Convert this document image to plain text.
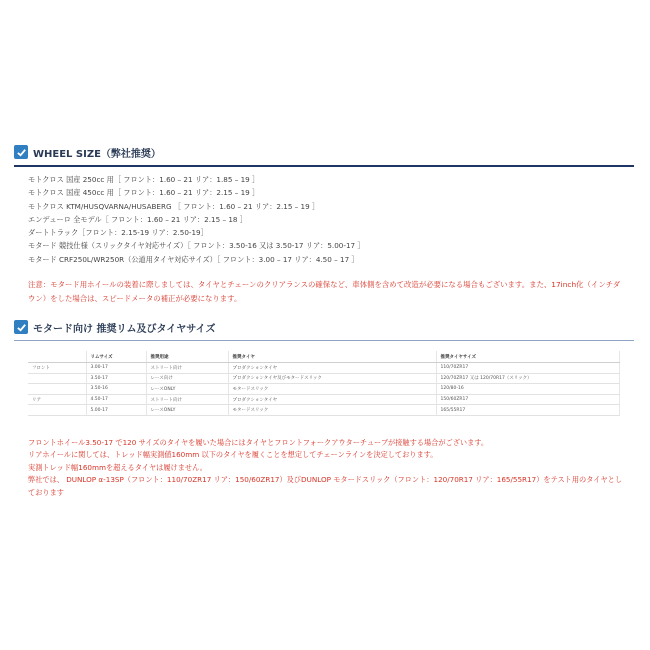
WHEEL SIZE（弊社推奨）
モトクロス 国産 250cc 用［ フロント：1.60 – 21 リア：1.85 – 19 ］
モトクロス 国産 450cc 用［ フロント：1.60 – 21 リア：2.15 – 19 ］
モトクロス KTM/HUSQVARNA/HUSABERG ［ フロント：1.60 – 21 リア：2.15 – 19 ］
エンデューロ 全モデル［ フロント：1.60 – 21 リア：2.15 – 18 ］
ダートトラック［フロント：2.15-19 リア：2.50-19］
モタード 競技仕様（スリックタイヤ対応サイズ）［ フロント：3.50-16 又は 3.50-17 リア：5.00-17 ］
モタード CRF250L/WR250R（公道用タイヤ対応サイズ）［ フロント：3.00 – 17 リア：4.50 – 17 ］
注意：モタード用ホイールの装着に際しましては、タイヤとチェーンのクリアランスの確保など、車体側を含めて改造が必要になる場合もございます。また、17inch化（インチダウン）をした場合は、スピードメータの補正が必要になります。
モタード向け 推奨リム及びタイヤサイズ
	リムサイズ	推奨用途	推奨タイヤ	推奨タイヤサイズ
フロント	3.00-17	ストリート向け	プロダクションタイヤ	110/70ZR17
	3.50-17	レース向け	プロダクションタイヤ及びモタードスリック	120/70ZR17 又は 120/70R17（スリック）
	3.50-16	レースONLY	モタードスリック	120/80-16
リア	4.50-17	ストリート向け	プロダクションタイヤ	150/60ZR17
	5.00-17	レースONLY	モタードスリック	165/55R17
フロントホイール3.50-17 で120 サイズのタイヤを履いた場合にはタイヤとフロントフォークアウターチューブが接触する場合がございます。
リアホイールに関しては、トレッド幅実測値160mm 以下のタイヤを履くことを想定してチェーンラインを決定しております。
実測トレッド幅160mmを超えるタイヤは履けません。
弊社では、 DUNLOP α-13SP（フロント：110/70ZR17 リア：150/60ZR17）及びDUNLOP モタードスリック（フロント：120/70R17 リア：165/55R17）をテスト用のタイヤとしております
